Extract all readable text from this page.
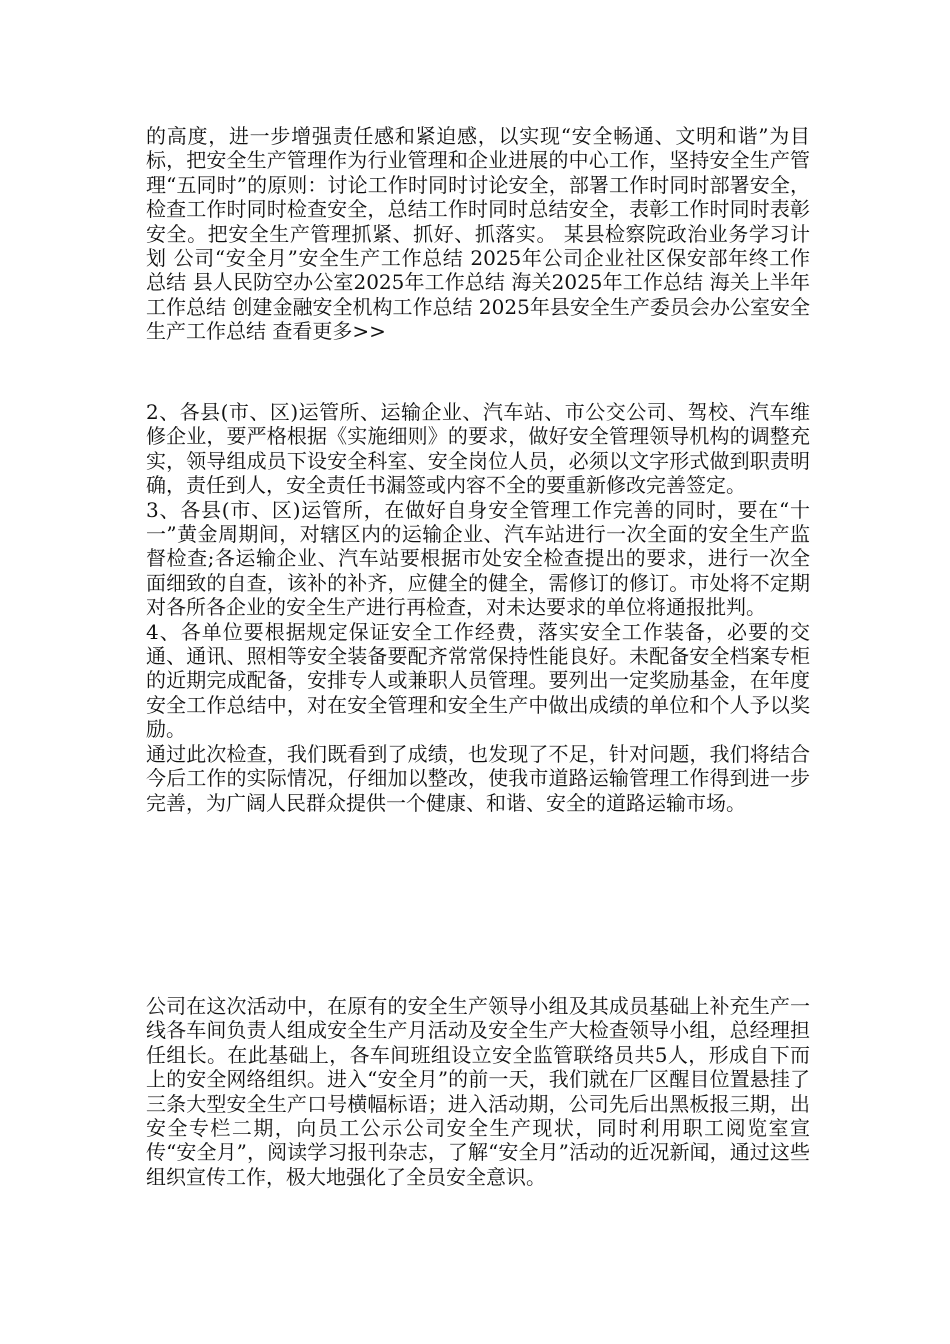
的高度，进一步增强责任感和紧迫感，以实现“安全畅通、文明和谐”为目标，把安全生产管理作为行业管理和企业进展的中心工作，坚持安全生产管理“五同时”的原则：讨论工作时同时讨论安全，部署工作时同时部署安全，检查工作时同时检查安全，总结工作时同时总结安全，表彰工作时同时表彰安全。把安全生产管理抓紧、抓好、抓落实。 某县检察院政治业务学习计划 公司“安全月”安全生产工作总结 2025年公司企业社区保安部年终工作总结 县人民防空办公室2025年工作总结 海关2025年工作总结 海关上半年工作总结 创建金融安全机构工作总结 2025年县安全生产委员会办公室安全生产工作总结 查看更多>>

2、各县(市、区)运管所、运输企业、汽车站、市公交公司、驾校、汽车维修企业，要严格根据《实施细则》的要求，做好安全管理领导机构的调整充实，领导组成员下设安全科室、安全岗位人员，必须以文字形式做到职责明确，责任到人，安全责任书漏签或内容不全的要重新修改完善签定。

3、各县(市、区)运管所，在做好自身安全管理工作完善的同时，要在“十一”黄金周期间，对辖区内的运输企业、汽车站进行一次全面的安全生产监督检查;各运输企业、汽车站要根据市处安全检查提出的要求，进行一次全面细致的自查，该补的补齐，应健全的健全，需修订的修订。市处将不定期对各所各企业的安全生产进行再检查，对未达要求的单位将通报批判。

4、各单位要根据规定保证安全工作经费，落实安全工作装备，必要的交通、通讯、照相等安全装备要配齐常常保持性能良好。未配备安全档案专柜的近期完成配备，安排专人或兼职人员管理。要列出一定奖励基金，在年度安全工作总结中，对在安全管理和安全生产中做出成绩的单位和个人予以奖励。

通过此次检查，我们既看到了成绩，也发现了不足，针对问题，我们将结合今后工作的实际情况，仔细加以整改，使我市道路运输管理工作得到进一步完善，为广阔人民群众提供一个健康、和谐、安全的道路运输市场。

公司在这次活动中，在原有的安全生产领导小组及其成员基础上补充生产一线各车间负责人组成安全生产月活动及安全生产大检查领导小组，总经理担任组长。在此基础上，各车间班组设立安全监管联络员共5人，形成自下而上的安全网络组织。进入“安全月”的前一天，我们就在厂区醒目位置悬挂了三条大型安全生产口号横幅标语；进入活动期，公司先后出黑板报三期，出安全专栏二期，向员工公示公司安全生产现状，同时利用职工阅览室宣传“安全月”，阅读学习报刊杂志，了解“安全月”活动的近况新闻，通过这些组织宣传工作，极大地强化了全员安全意识。
